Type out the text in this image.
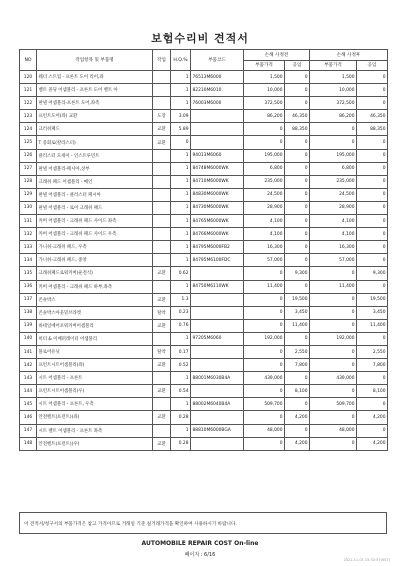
보험수리비 견적서
NO	작업항목 및 부품명	작업	H.Q.%	부품코드	손해 사정전		손해 사정후	
					부품가격	공임	부품가격	공임
120	웨더 스트립 - 프론트 도어 리어,좌		1	76513M6000	1,500	0	1,500	0
121	벨트 몰딩 어셈블리 - 프론트 도어 벨트 아		1	82210M6010	10,000	0	10,000	0
122	판넬 어셈블리-프론트 도어,좌측		1	76003M6000	372,500	0	372,500	0
123	프런트도어(좌) 교환	도장	3.09		86,200	46,350	86,200	46,350
124	크러쉬패드	교환	5.89		0	88,350	0	88,350
125	T 증회로(칼라스터)	교환	0		0	0	0	0
126	클러스터 모세이 - 인스트루먼트		1	94013M6060	195,000	0	195,000	0
127	판넬 어셈블리-페시아,상부		1	84748M6000WK	6,800	0	6,800	0
128	크래쉬 패드 어셈블리 - 메인		1	84710M6000WK	235,000	0	235,000	0
129	판넬 어셈블리 - 클러스터 페시아		1	84830M6000WK	24,500	0	24,500	0
130	판넬 어셈블리 - 로어 크래쉬 패드		1	84730M6000WK	28,900	0	28,900	0
131	커버 어셈블리 - 크래쉬 패드 사이드 좌측		1	84765M6000WK	4,100	0	4,100	0
132	커버 어셈블리 - 크래쉬 패드 사이드 우측		1	84766M6000WK	4,100	0	4,100	0
133	가니쉬-크래쉬 패드, 우측		1	84795M6000FB2	16,300	0	16,300	0
134	가니쉬-크래쉬 패드, 중앙		1	84795M6100FDC	57,000	0	57,000	0
135	크래쉬패드로워커버(운전석)	교환	0.62		0	9,300	0	9,300
136	커버 어셈블리 - 크래쉬 패드 하부,좌측		1	84750M6110WK	11,400	0	11,400	0
137	콘솔박스	교환	1.3		0	19,500	0	19,500
138	콘솔박스아웃밑브라켓	탈착	0.23		0	3,450	0	3,450
139	바테일에어포워커버어셈블리	교환	0.76		0	11,400	0	11,400
140	히터 & 이베퍼레이터 어셈블리		1	97205M6060	192,000	0	192,000	0
141	블로어유닛	탈착	0.17		0	2,550	0	2,550
142	프런트시트어셈블리(좌)	교환	0.52		0	7,800	0	7,800
143	시트 어셈블리 - 프론트		1	88001M6030B4A	439,000	0	439,000	0
144	프런트시트어셈블리(우)	교환	0.54		0	8,100	0	8,100
145	시트 어셈블리 - 프론트, 우측		1	88002M6040B4A	509,700	0	509,700	0
146	안전벨트(프런트)(좌)	교환	0.28		0	4,200	0	4,200
147	시트 벨트 어셈블리 - 프론트 좌측		1	88810M6000BGA	48,000	0	48,000	0
148	안전벨트(프런트)(우)	교환	0.28		0	4,200	0	4,200
이 견적서/청구서의 부품가격은 참고 가격이므로 거래일 기준 실거래가격을 확인하여 사용하시기 바랍니다.
AUTOMOBILE REPAIR COST On-line
페이지 : 6/16
2021-11-01 15:32:57(KST)
